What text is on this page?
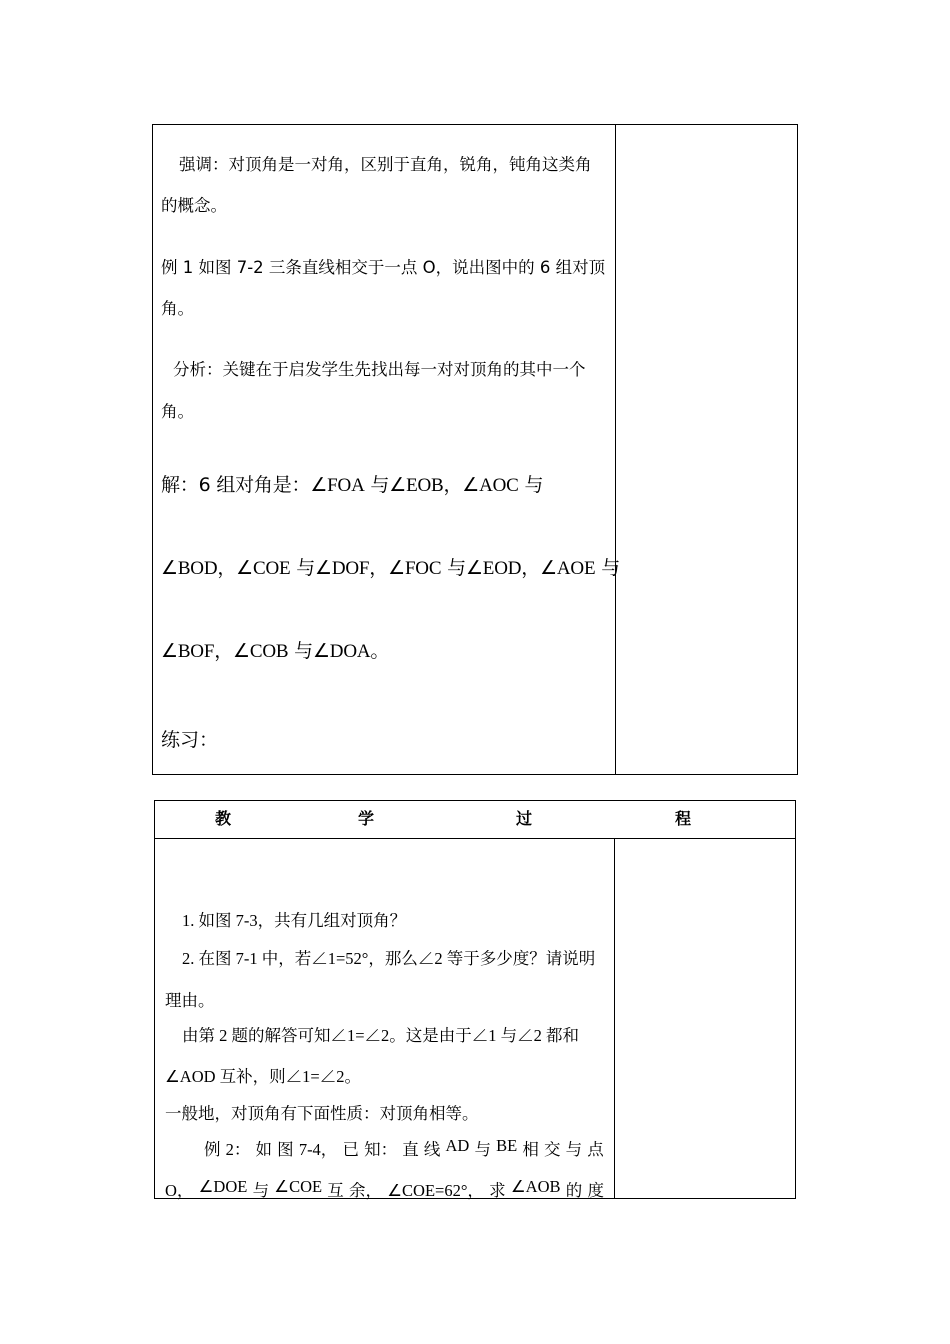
强调：对顶角是一对角，区别于直角，锐角，钝角这类角
的概念。
例 1 如图 7-2 三条直线相交于一点 O，说出图中的 6 组对顶
角。
分析：关键在于启发学生先找出每一对对顶角的其中一个
角。
解：6 组对角是：∠FOA 与∠EOB，∠AOC 与
∠BOD，∠COE 与∠DOF，∠FOC 与∠EOD，∠AOE 与
∠BOF，∠COB 与∠DOA。
练习：
教	学	过	程
1. 如图 7-3，共有几组对顶角？
2. 在图 7-1 中，若∠1=52°，那么∠2 等于多少度？请说明
理由。
由第 2 题的解答可知∠1=∠2。这是由于∠1 与∠2 都和
∠AOD 互补，则∠1=∠2。
一般地，对顶角有下面性质：对顶角相等。
例 2： 如 图 7-4， 已 知： 直 线 AD 与 BE 相 交 与 点
O， ∠DOE 与 ∠COE 互 余， ∠COE=62°， 求 ∠AOB 的 度
